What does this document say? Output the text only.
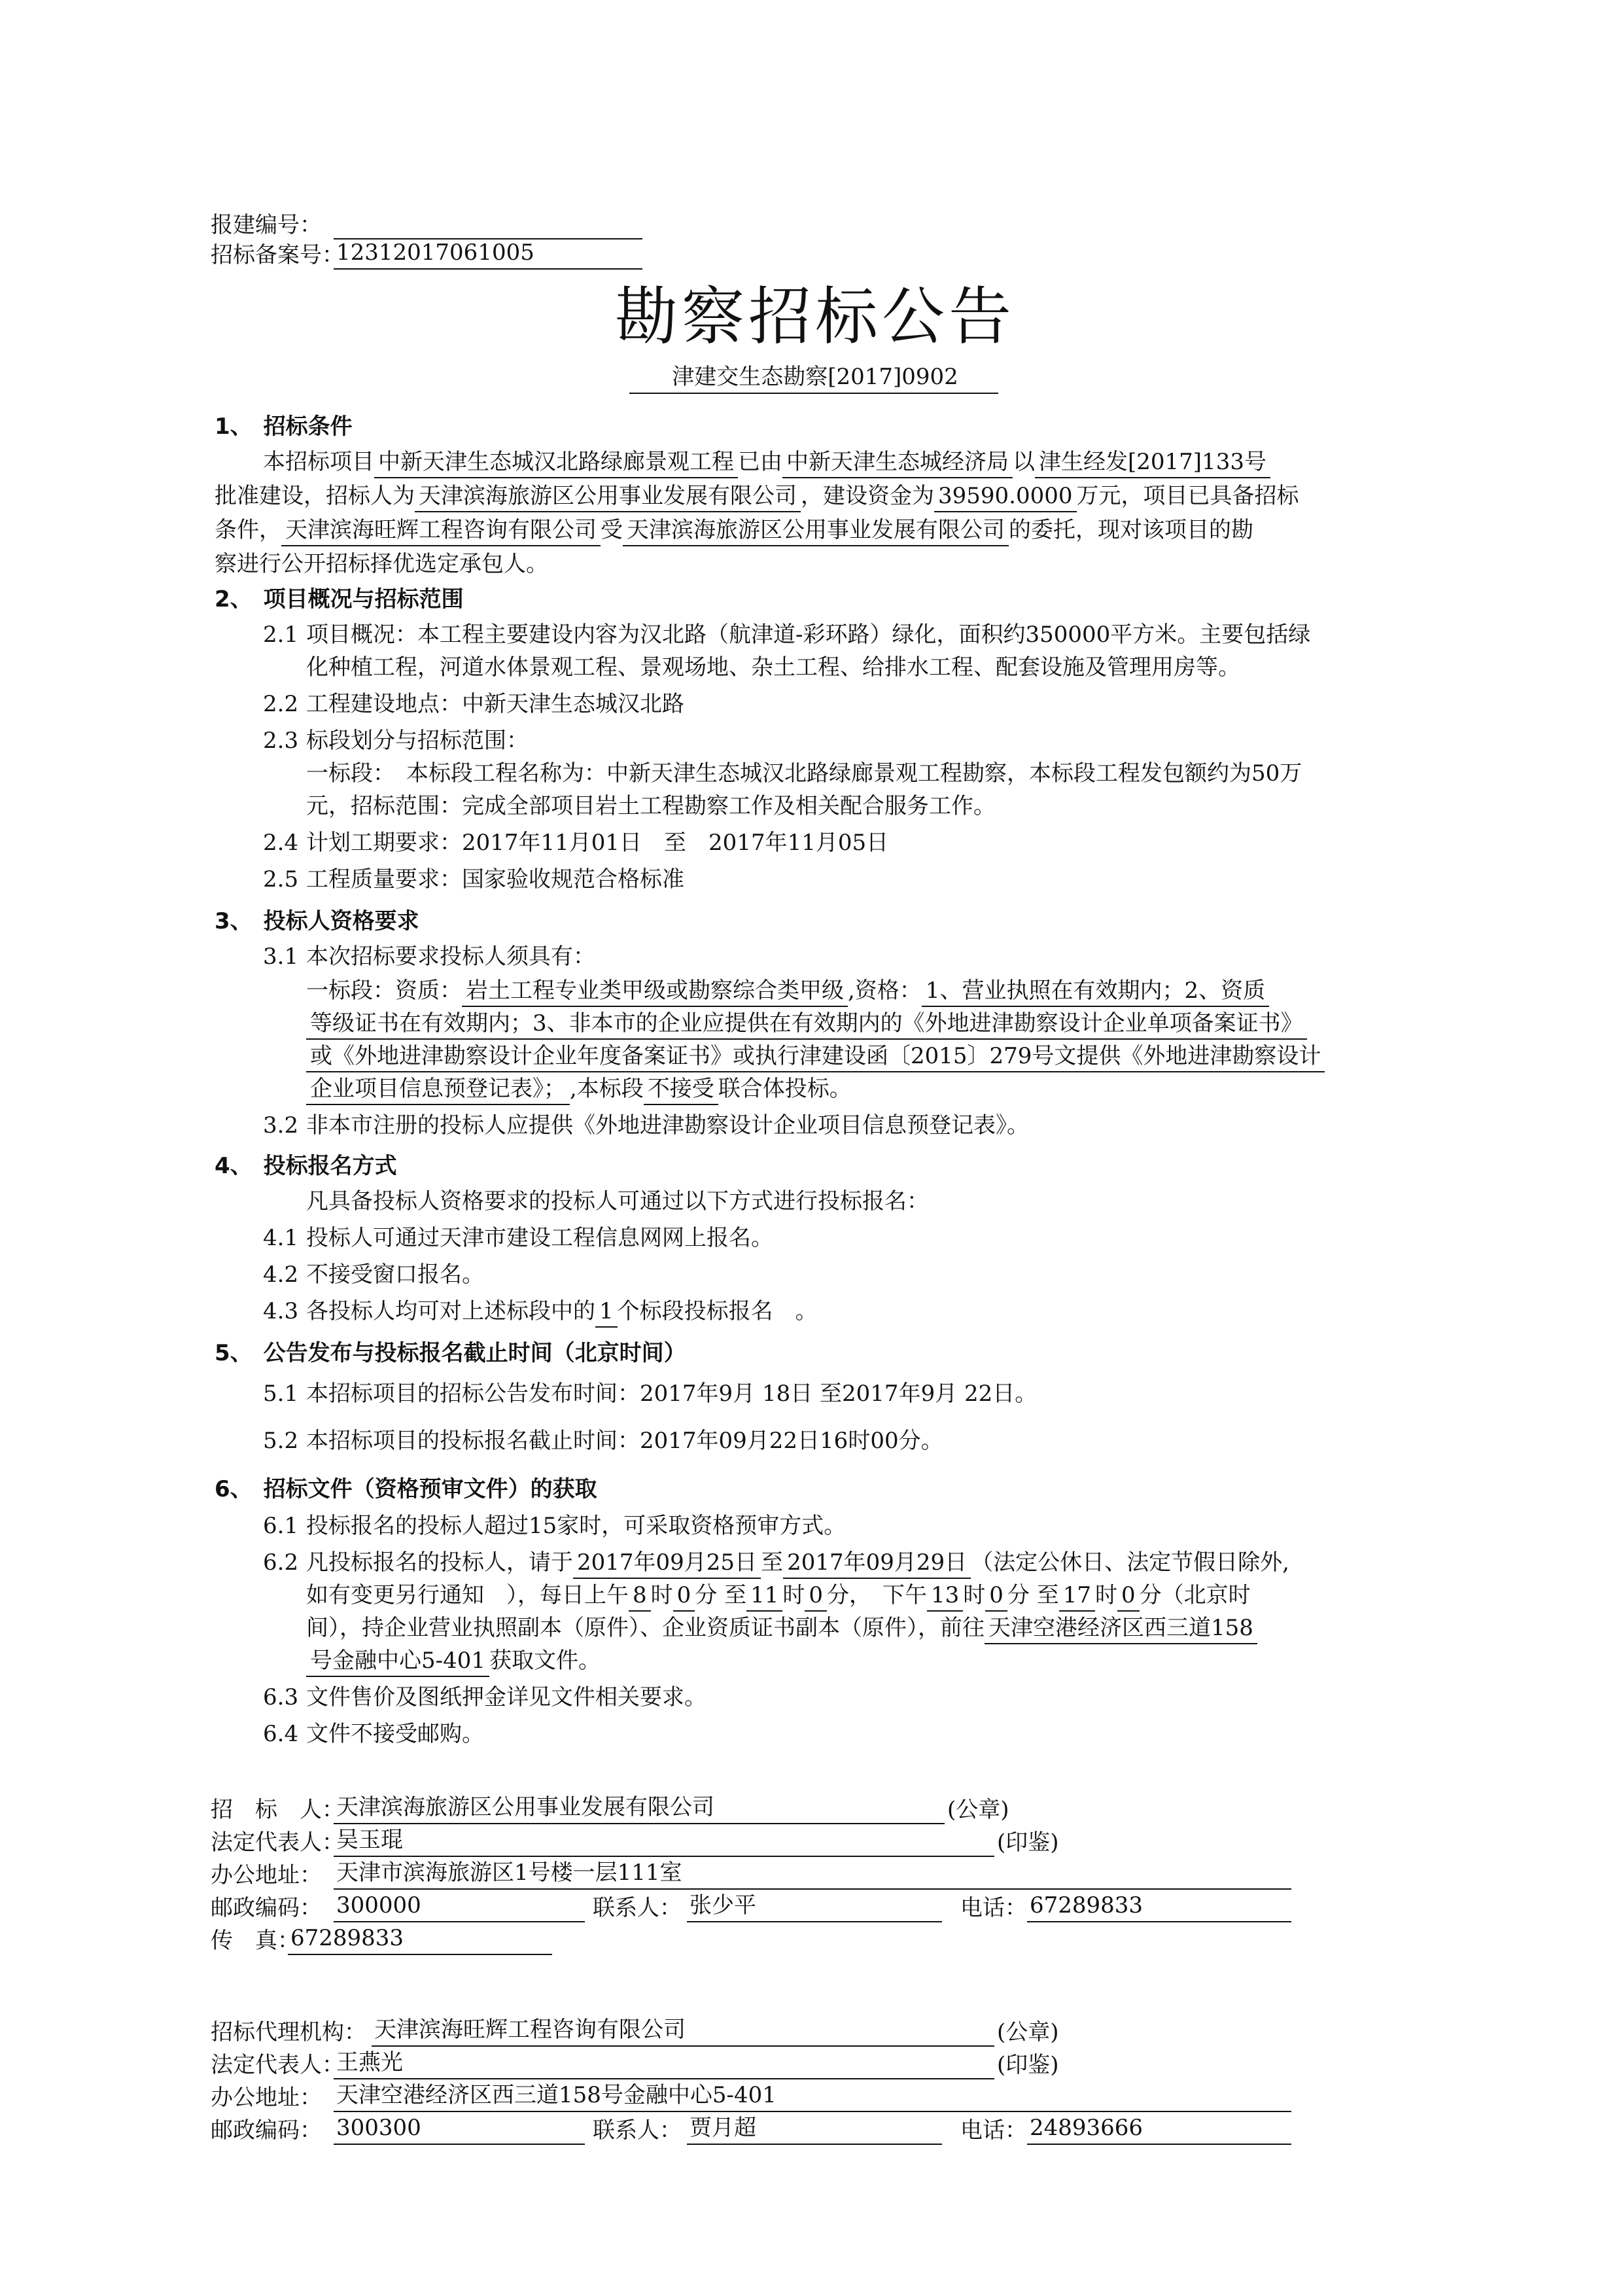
报建编号：
招标备案号：
12312017061005
勘察招标公告
津建交生态勘察[2017]0902
1、　招标条件
本招标项目 中新天津生态城汉北路绿廊景观工程 已由 中新天津生态城经济局 以 津生经发[2017]133号
批准建设，招标人为 天津滨海旅游区公用事业发展有限公司 ，建设资金为 39590.0000 万元，项目已具备招标
条件， 天津滨海旺辉工程咨询有限公司 受 天津滨海旅游区公用事业发展有限公司 的委托，现对该项目的勘
察进行公开招标择优选定承包人。
2、　项目概况与招标范围
2.1 项目概况：本工程主要建设内容为汉北路（航津道-彩环路）绿化，面积约350000平方米。主要包括绿
化种植工程，河道水体景观工程、景观场地、杂土工程、给排水工程、配套设施及管理用房等。
2.2 工程建设地点：中新天津生态城汉北路
2.3 标段划分与招标范围：
一标段：　本标段工程名称为：中新天津生态城汉北路绿廊景观工程勘察，本标段工程发包额约为50万
元，招标范围：完成全部项目岩土工程勘察工作及相关配合服务工作。
2.4 计划工期要求：2017年11月01日　至　2017年11月05日
2.5 工程质量要求：国家验收规范合格标准
3、　投标人资格要求
3.1 本次招标要求投标人须具有：
一标段：资质： 岩土工程专业类甲级或勘察综合类甲级 ,资格： 1、营业执照在有效期内；2、资质
等级证书在有效期内；3、非本市的企业应提供在有效期内的《外地进津勘察设计企业单项备案证书》
或《外地进津勘察设计企业年度备案证书》或执行津建设函〔2015〕279号文提供《外地进津勘察设计
企业项目信息预登记表》； ,本标段 不接受 联合体投标。
3.2 非本市注册的投标人应提供《外地进津勘察设计企业项目信息预登记表》。
4、　投标报名方式
凡具备投标人资格要求的投标人可通过以下方式进行投标报名：
4.1 投标人可通过天津市建设工程信息网网上报名。
4.2 不接受窗口报名。
4.3 各投标人均可对上述标段中的 1 个标段投标报名　。
5、　公告发布与投标报名截止时间（北京时间）
5.1 本招标项目的招标公告发布时间：2017年9月 18日 至2017年9月 22日。
5.2 本招标项目的投标报名截止时间：2017年09月22日16时00分。
6、　招标文件（资格预审文件）的获取
6.1 投标报名的投标人超过15家时，可采取资格预审方式。
6.2 凡投标报名的投标人，请于 2017年09月25日 至 2017年09月29日 （法定公休日、法定节假日除外,
如有变更另行通知　），每日上午 8 时 0 分 至 11 时 0 分，　 下午 13 时 0 分 至 17 时 0 分（北京时
间），持企业营业执照副本（原件）、企业资质证书副本（原件），前往 天津空港经济区西三道158
号金融中心5-401 获取文件。
6.3 文件售价及图纸押金详见文件相关要求。
6.4 文件不接受邮购。
招　标　人：
天津滨海旅游区公用事业发展有限公司	(公章)
法定代表人：
吴玉琨	(印鉴)
办公地址： 天津市滨海旅游区1号楼一层111室
邮政编码： 300000	联系人： 张少平	电话： 67289833
传　真：
67289833
招标代理机构： 天津滨海旺辉工程咨询有限公司	(公章)
法定代表人：
王燕光	(印鉴)
办公地址： 天津空港经济区西三道158号金融中心5-401
邮政编码： 300300	联系人： 贾月超	电话： 24893666
